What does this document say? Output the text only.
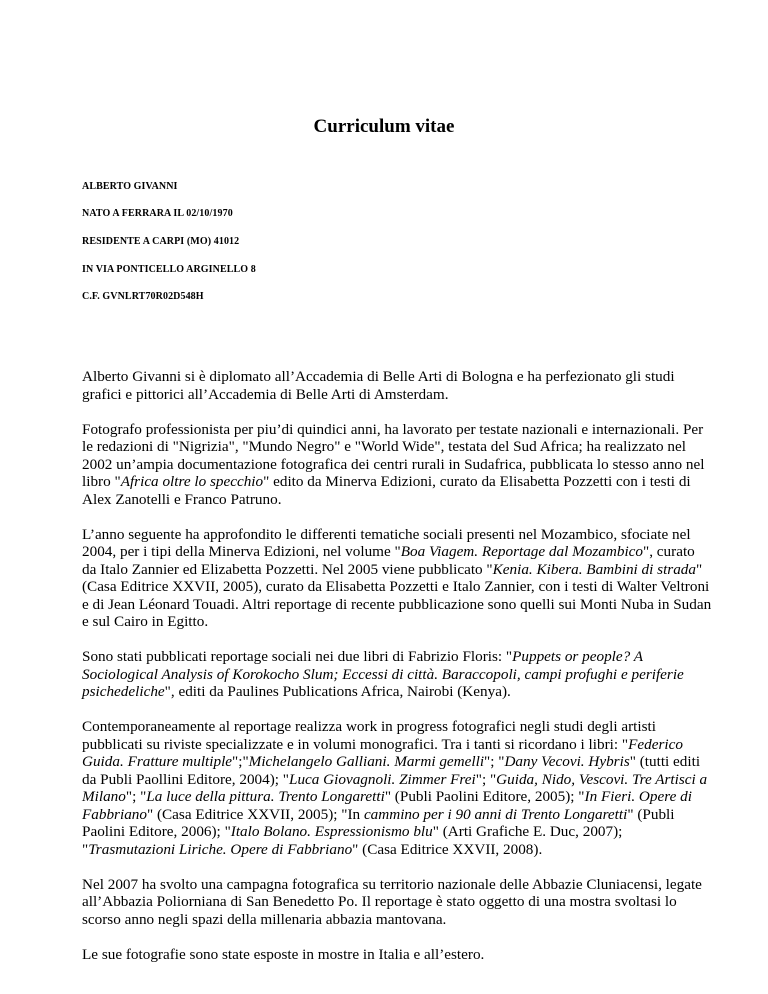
Curriculum vitae
ALBERTO GIVANNI
NATO A FERRARA IL 02/10/1970
RESIDENTE A CARPI (MO) 41012
IN VIA PONTICELLO ARGINELLO 8
C.F. GVNLRT70R02D548H

Alberto Givanni si è diplomato all’Accademia di Belle Arti di Bologna e ha perfezionato gli studi grafici e pittorici all’Accademia di Belle Arti di Amsterdam.

Fotografo professionista per piu’di quindici anni, ha lavorato per testate nazionali e internazionali. Per le redazioni di "Nigrizia", "Mundo Negro" e "World Wide", testata del Sud Africa; ha realizzato nel 2002 un’ampia documentazione fotografica dei centri rurali in Sudafrica, pubblicata lo stesso anno nel libro "Africa oltre lo specchio" edito da Minerva Edizioni, curato da Elisabetta Pozzetti con i testi di Alex Zanotelli e Franco Patruno.

L’anno seguente ha approfondito le differenti tematiche sociali presenti nel Mozambico, sfociate nel 2004, per i tipi della Minerva Edizioni, nel volume "Boa Viagem. Reportage dal Mozambico", curato da Italo Zannier ed Elizabetta Pozzetti. Nel 2005 viene pubblicato "Kenia. Kibera. Bambini di strada" (Casa Editrice XXVII, 2005), curato da Elisabetta Pozzetti e Italo Zannier, con i testi di Walter Veltroni e di Jean Léonard Touadi. Altri reportage di recente pubblicazione sono quelli sui Monti Nuba in Sudan e sul Cairo in Egitto.

Sono stati pubblicati reportage sociali nei due libri di Fabrizio Floris: "Puppets or people? A Sociological Analysis of Korokocho Slum; Eccessi di città. Baraccopoli, campi profughi e periferie psichedeliche", editi da Paulines Publications Africa, Nairobi (Kenya).

Contemporaneamente al reportage realizza work in progress fotografici negli studi degli artisti pubblicati su riviste specializzate e in volumi monografici. Tra i tanti si ricordano i libri: "Federico Guida. Fratture multiple";"Michelangelo Galliani. Marmi gemelli"; "Dany Vecovi. Hybris" (tutti editi da Publi Paollini Editore, 2004); "Luca Giovagnoli. Zimmer Frei"; "Guida, Nido, Vescovi. Tre Artisci a Milano"; "La luce della pittura. Trento Longaretti" (Publi Paolini Editore, 2005); "In Fieri. Opere di Fabbriano" (Casa Editrice XXVII, 2005); "In cammino per i 90 anni di Trento Longaretti" (Publi Paolini Editore, 2006); "Italo Bolano. Espressionismo blu" (Arti Grafiche E. Duc, 2007); "Trasmutazioni Liriche. Opere di Fabbriano" (Casa Editrice XXVII, 2008).

Nel 2007 ha svolto una campagna fotografica su territorio nazionale delle Abbazie Cluniacensi, legate all’Abbazia Poliorniana di San Benedetto Po. Il reportage è stato oggetto di una mostra svoltasi lo scorso anno negli spazi della millenaria abbazia mantovana.

Le sue fotografie sono state esposte in mostre in Italia e all’estero.
